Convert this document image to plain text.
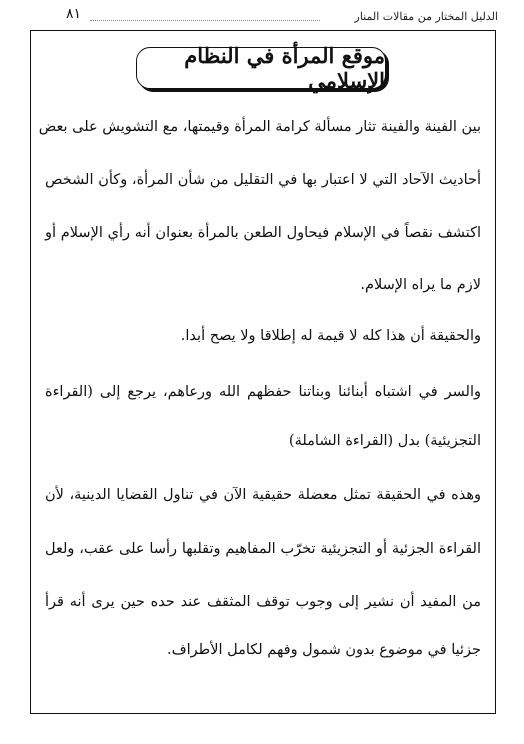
الدليل المختار من مقالات المنار
٨١
موقع المرأة في النظام الإسلامي
بين الفينة والفينة تثار مسألة كرامة المرأة وقيمتها، مع التشويش على بعض
أحاديث الآحاد التي لا اعتبار بها في التقليل من شأن المرأة، وكأن الشخص
اكتشف نقصاً في الإسلام فيحاول الطعن بالمرأة بعنوان أنه رأي الإسلام أو
لازم ما يراه الإسلام.
والحقيقة أن هذا كله لا قيمة له إطلاقا ولا يصح أبدا.
والسر في اشتباه أبنائنا وبناتنا حفظهم الله ورعاهم، يرجع إلى (القراءة
التجزيئية) بدل (القراءة الشاملة)
وهذه في الحقيقة تمثل معضلة حقيقية الآن في تناول القضايا الدينية، لأن
القراءة الجزئية أو التجزيئية تخرّب المفاهيم وتقلبها رأسا على عقب، ولعل
من المفيد أن نشير إلى وجوب توقف المثقف عند حده حين يرى أنه قرأ
جزئيا في موضوع بدون شمول وفهم لكامل الأطراف.
